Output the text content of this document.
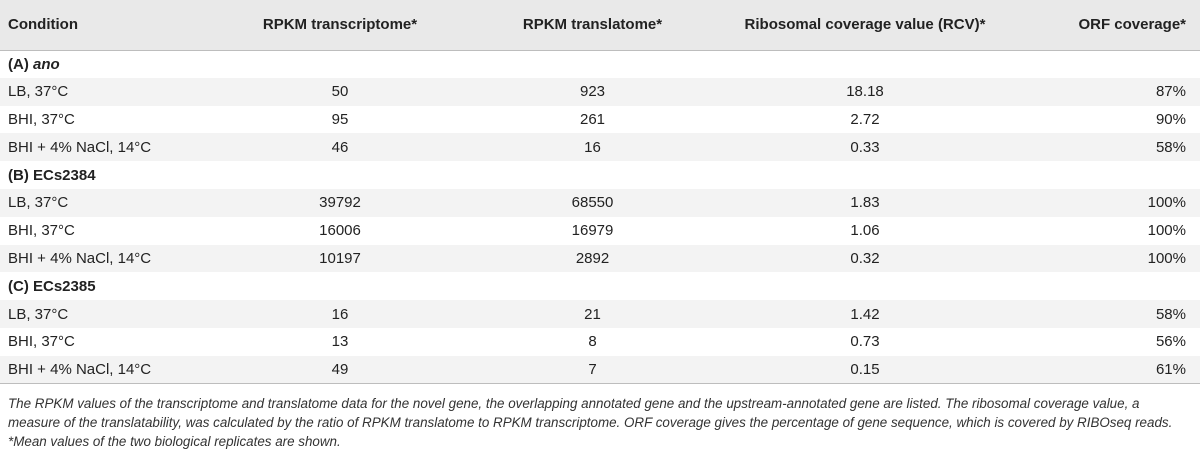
Condition	RPKM transcriptome*	RPKM translatome*	Ribosomal coverage value (RCV)*	ORF coverage*
(A) ano				
LB, 37°C	50	923	18.18	87%
BHI, 37°C	95	261	2.72	90%
BHI + 4% NaCl, 14°C	46	16	0.33	58%
(B) ECs2384				
LB, 37°C	39792	68550	1.83	100%
BHI, 37°C	16006	16979	1.06	100%
BHI + 4% NaCl, 14°C	10197	2892	0.32	100%
(C) ECs2385				
LB, 37°C	16	21	1.42	58%
BHI, 37°C	13	8	0.73	56%
BHI + 4% NaCl, 14°C	49	7	0.15	61%

The RPKM values of the transcriptome and translatome data for the novel gene, the overlapping annotated gene and the upstream-annotated gene are listed. The ribosomal coverage value, a measure of the translatability, was calculated by the ratio of RPKM translatome to RPKM transcriptome. ORF coverage gives the percentage of gene sequence, which is covered by RIBOseq reads. *Mean values of the two biological replicates are shown.
